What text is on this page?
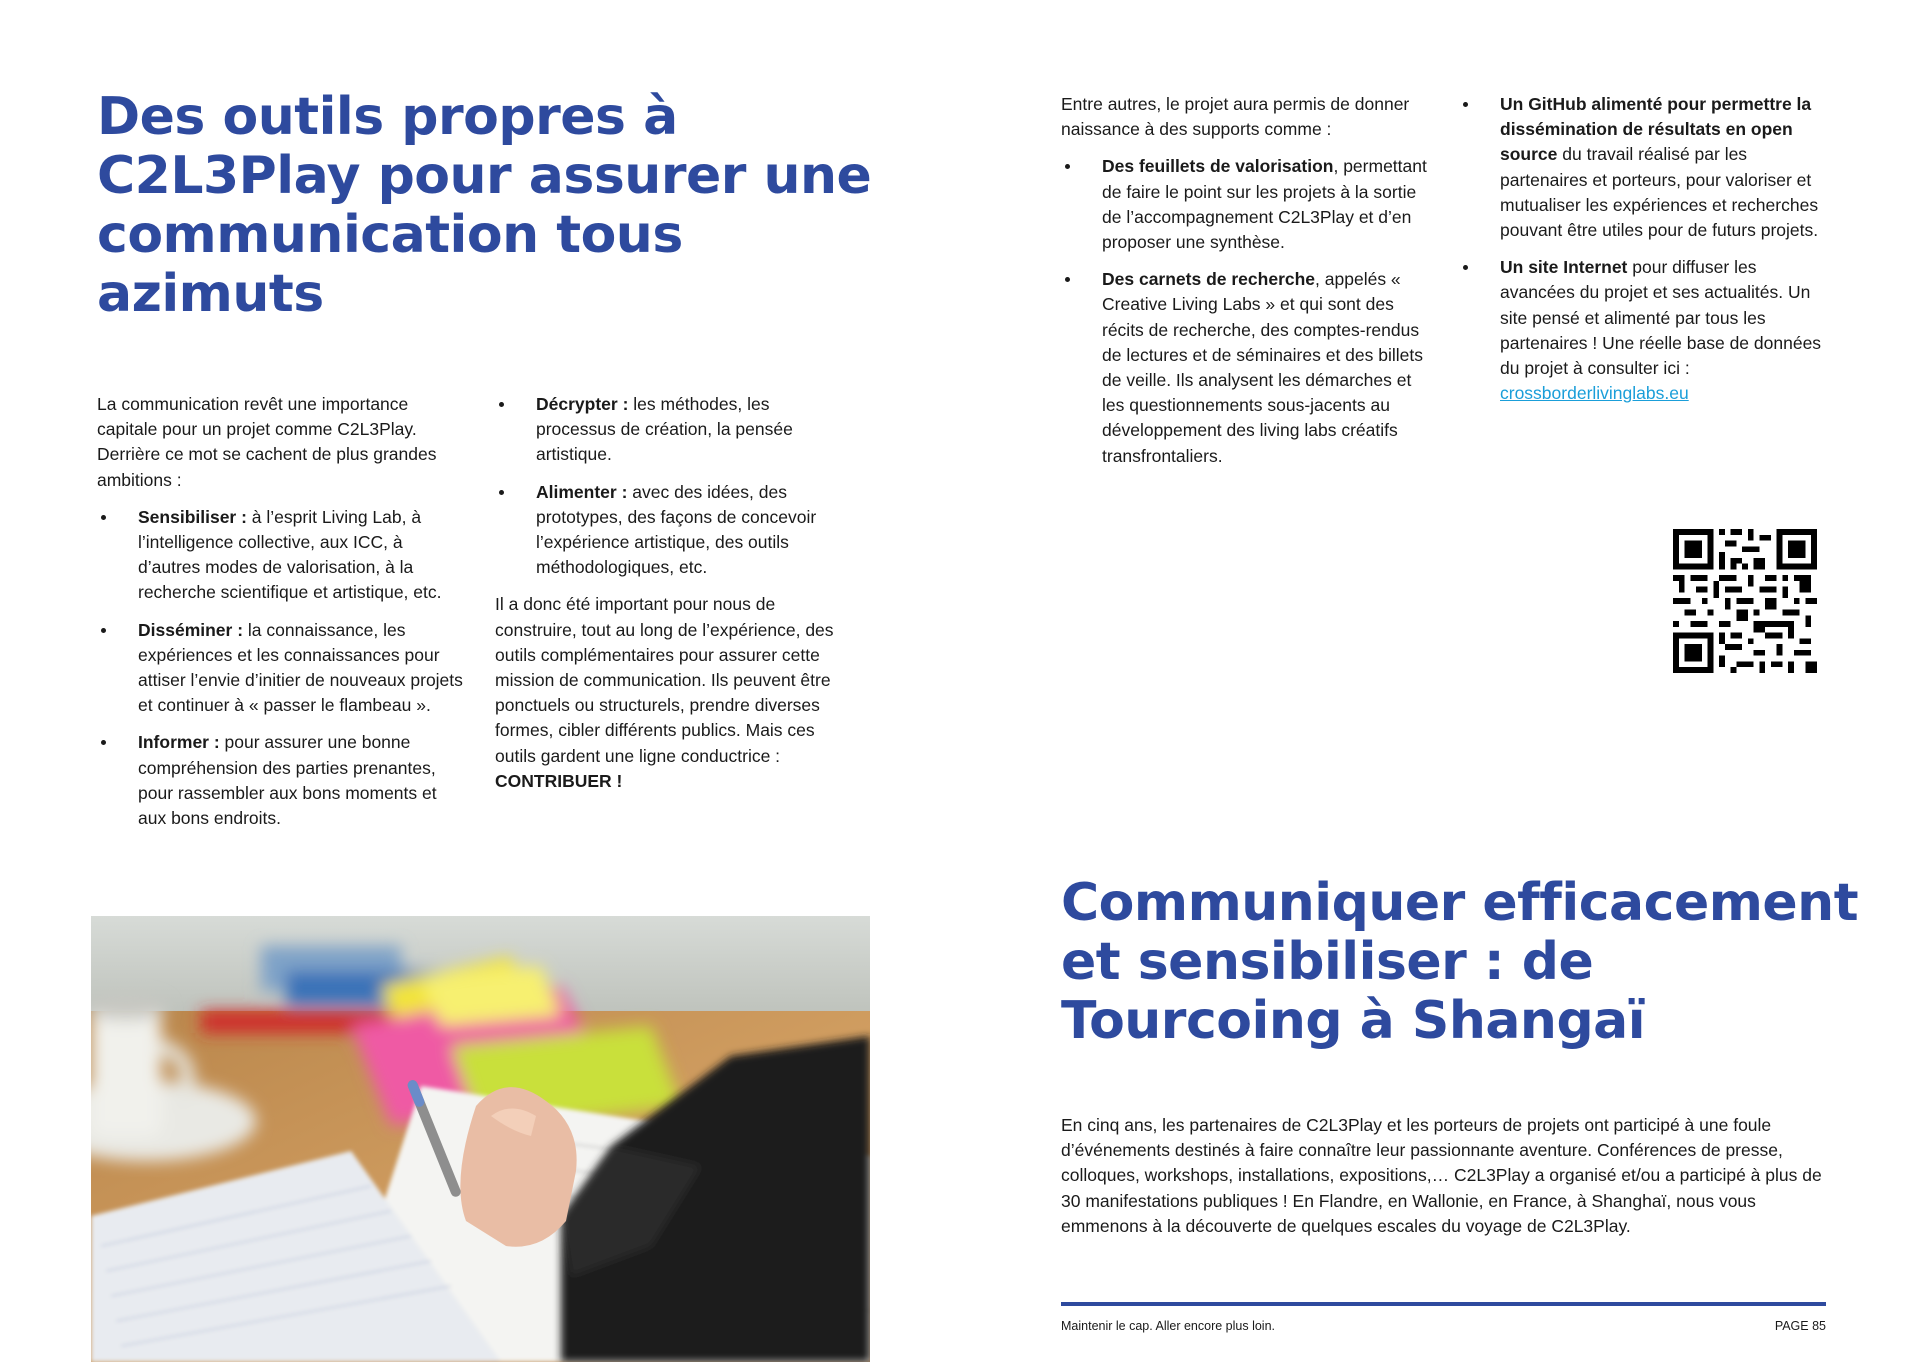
Des outils propres à C2L3Play pour assurer une communication tous azimuts

La communication revêt une importance capitale pour un projet comme C2L3Play. Derrière ce mot se cachent de plus grandes ambitions :

Sensibiliser : à l’esprit Living Lab, à l’intelligence collective, aux ICC, à d’autres modes de valorisation, à la recherche scientifique et artistique, etc.
Disséminer : la connaissance, les expériences et les connaissances pour attiser l’envie d’initier de nouveaux projets et continuer à « passer le flambeau ».
Informer : pour assurer une bonne compréhension des parties prenantes, pour rassembler aux bons moments et aux bons endroits.
Décrypter : les méthodes, les processus de création, la pensée artistique.
Alimenter : avec des idées, des prototypes, des façons de concevoir l’expérience artistique, des outils méthodologiques, etc.

Il a donc été important pour nous de construire, tout au long de l’expérience, des outils complémentaires pour assurer cette mission de communication. Ils peuvent être ponctuels ou structurels, prendre diverses formes, cibler différents publics. Mais ces outils gardent une ligne conductrice : CONTRIBUER !

Entre autres, le projet aura permis de donner naissance à des supports comme :

Des feuillets de valorisation, permettant de faire le point sur les projets à la sortie de l’accompagnement C2L3Play et d’en proposer une synthèse.
Des carnets de recherche, appelés « Creative Living Labs » et qui sont des récits de recherche, des comptes-rendus de lectures et de séminaires et des billets de veille. Ils analysent les démarches et les questionnements sous-jacents au développement des living labs créatifs transfrontaliers.
Un GitHub alimenté pour permettre la dissémination de résultats en open source du travail réalisé par les partenaires et porteurs, pour valoriser et mutualiser les expériences et recherches pouvant être utiles pour de futurs projets.
Un site Internet pour diffuser les avancées du projet et ses actualités. Un site pensé et alimenté par tous les partenaires ! Une réelle base de données du projet à consulter ici : crossborderlivinglabs.eu
Communiquer efficacement et sensibiliser : de Tourcoing à Shangaï

En cinq ans, les partenaires de C2L3Play et les porteurs de projets ont participé à une foule d’événements destinés à faire connaître leur passionnante aventure. Conférences de presse, colloques, workshops, installations, expositions,… C2L3Play a organisé et/ou a participé à plus de 30 manifestations publiques ! En Flandre, en Wallonie, en France, à Shanghaï, nous vous emmenons à la découverte de quelques escales du voyage de C2L3Play.

Maintenir le cap. Aller encore plus loin.	PAGE 85
